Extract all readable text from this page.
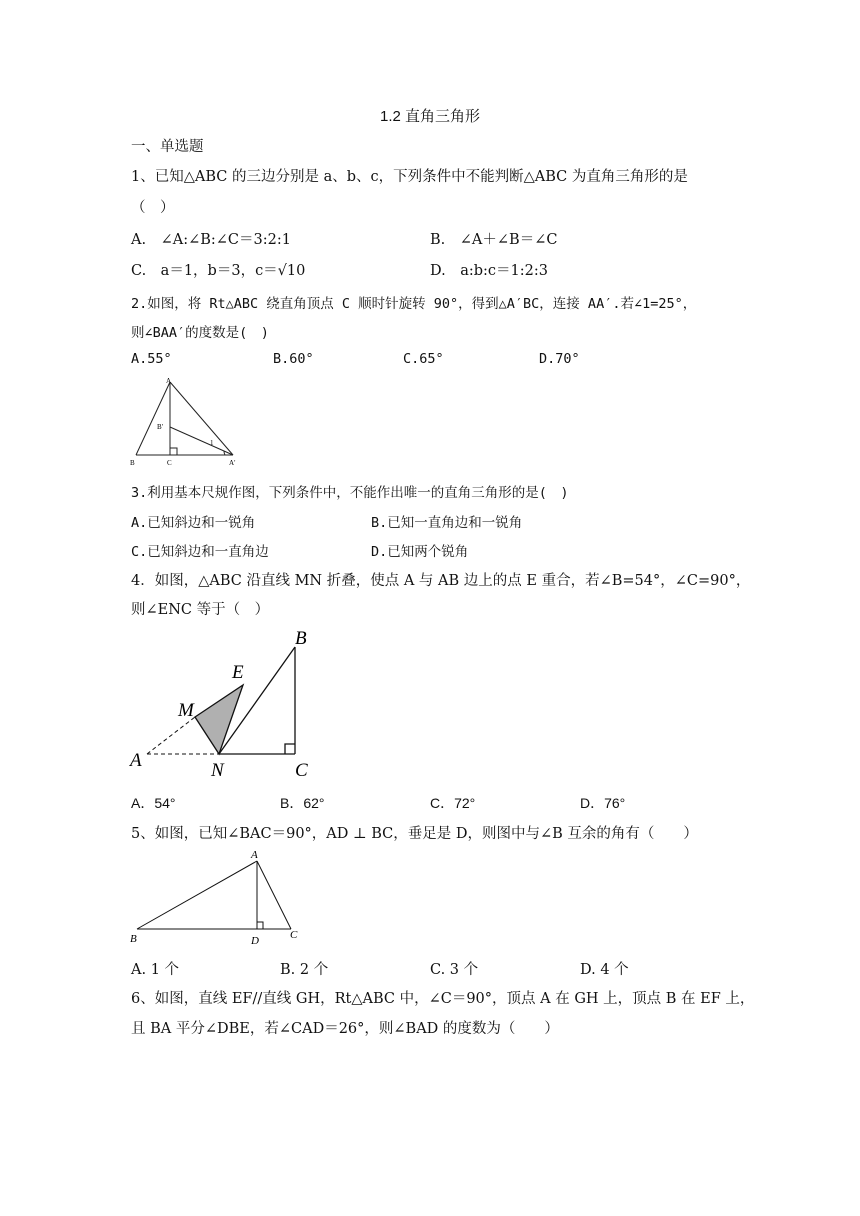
1.2 直角三角形
一、单选题
1、已知△ABC 的三边分别是 a、b、c，下列条件中不能判断△ABC 为直角三角形的是
（　）
A.　∠A:∠B:∠C＝3:2:1	B.　∠A＋∠B＝∠C
C.　a＝1，b＝3，c＝√10	D.　a:b:c＝1:2:3
2.如图，将 Rt△ABC 绕直角顶点 C 顺时针旋转 90°，得到△A′BC，连接 AA′.若∠1=25°，
则∠BAA′的度数是(　)
A.55°	B.60°	C.65°	D.70°
A
B′
B	C	A′
1
3.利用基本尺规作图，下列条件中，不能作出唯一的直角三角形的是(　)
A.已知斜边和一锐角	B.已知一直角边和一锐角
C.已知斜边和一直角边	D.已知两个锐角
4．如图，△ABC 沿直线 MN 折叠，使点 A 与 AB 边上的点 E 重合，若∠B=54°，∠C=90°，
则∠ENC 等于（　）
B
E
M
A	N	C
A．54°	B．62°	C．72°	D．76°
5、如图，已知∠BAC＝90°，AD ⊥ BC，垂足是 D，则图中与∠B 互余的角有（　　）
A
B	D	C
A. 1 个	B. 2 个	C. 3 个	D. 4 个
6、如图，直线 EF//直线 GH，Rt△ABC 中，∠C＝90°，顶点 A 在 GH 上，顶点 B 在 EF 上，
且 BA 平分∠DBE，若∠CAD＝26°，则∠BAD 的度数为（　　）
